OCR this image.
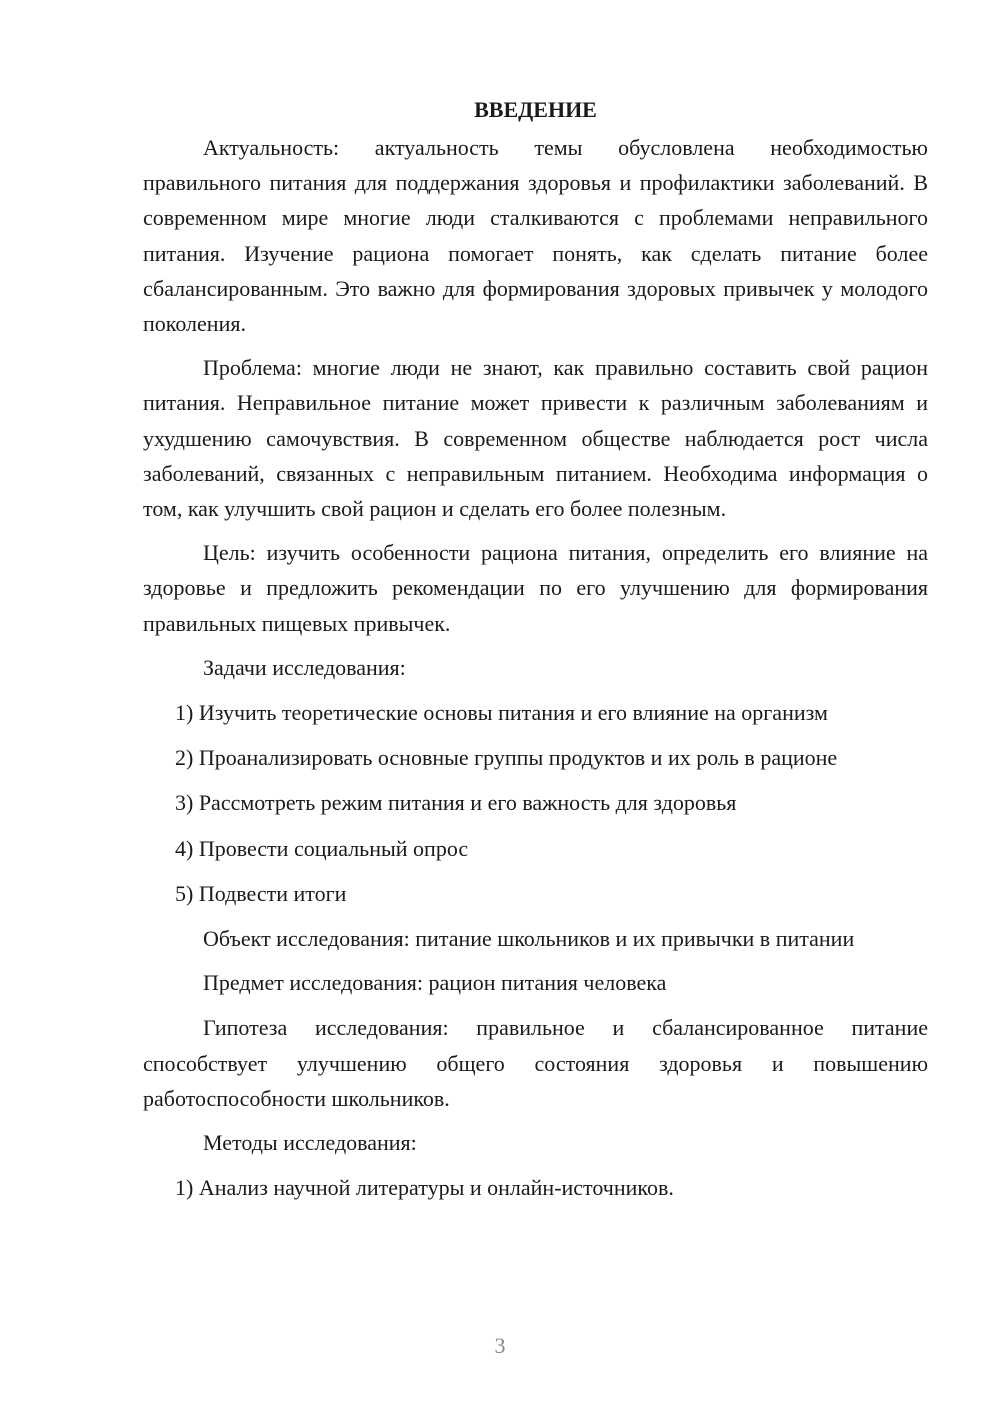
ВВЕДЕНИЕ

Актуальность: актуальность темы обусловлена необходимостью правильного питания для поддержания здоровья и профилактики заболеваний. В современном мире многие люди сталкиваются с проблемами неправильного питания. Изучение рациона помогает понять, как сделать питание более сбалансированным. Это важно для формирования здоровых привычек у молодого поколения.

Проблема: многие люди не знают, как правильно составить свой рацион питания. Неправильное питание может привести к различным заболеваниям и ухудшению самочувствия. В современном обществе наблюдается рост числа заболеваний, связанных с неправильным питанием. Необходима информация о том, как улучшить свой рацион и сделать его более полезным.

Цель: изучить особенности рациона питания, определить его влияние на здоровье и предложить рекомендации по его улучшению для формирования правильных пищевых привычек.

Задачи исследования:

1) Изучить теоретические основы питания и его влияние на организм

2) Проанализировать основные группы продуктов и их роль в рационе

3) Рассмотреть режим питания и его важность для здоровья

4) Провести социальный опрос

5) Подвести итоги

Объект исследования: питание школьников и их привычки в питании

Предмет исследования: рацион питания человека

Гипотеза исследования: правильное и сбалансированное питание способствует улучшению общего состояния здоровья и повышению работоспособности школьников.

Методы исследования:

1) Анализ научной литературы и онлайн-источников.

3
